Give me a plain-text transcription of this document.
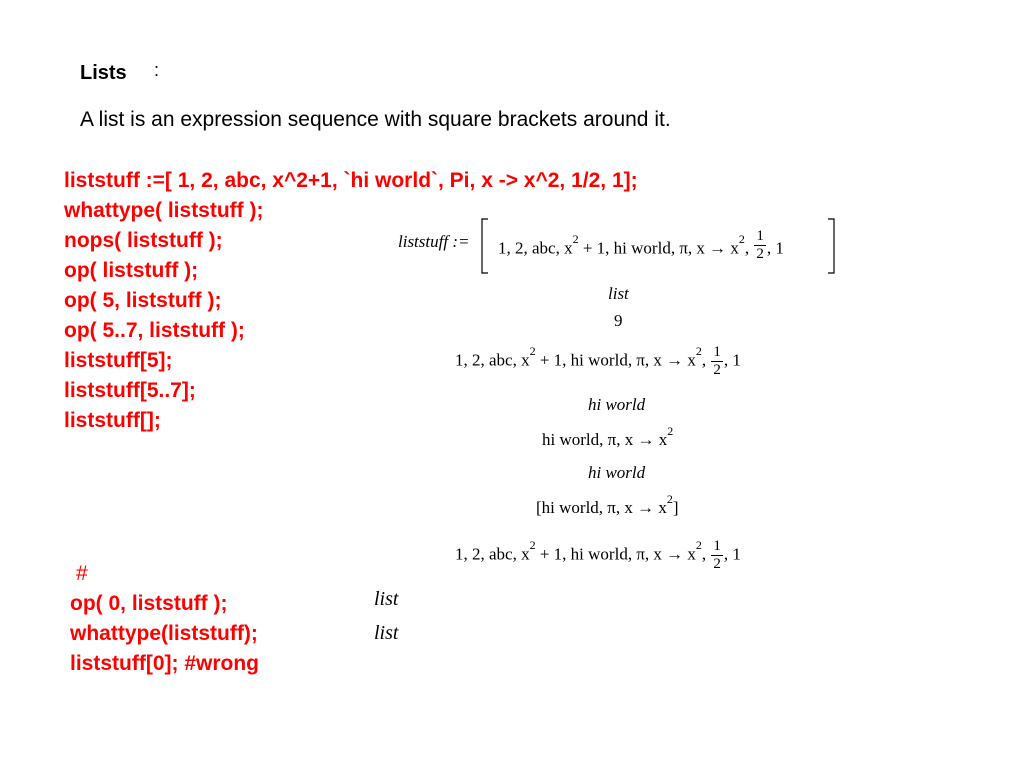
Lists :
A list is an expression sequence with square brackets around it.
liststuff :=[ 1, 2, abc, x^2+1, `hi world`, Pi, x -> x^2, 1/2, 1];
whattype( liststuff );
nops( liststuff );
op( liststuff );
op( 5, liststuff );
op( 5..7, liststuff );
liststuff[5];
liststuff[5..7];
liststuff[];
liststuff := 1, 2, abc, $x^2 + 1$, hi world, π, $x \to x^2$, $\frac{1}{2}$ , 1
list
9
1, 2, abc, $x^2 + 1$, hi world, π, $x \to x^2$, $\frac{1}{2}$ , 1
hi world
hi world, π, $x \to x^2$
hi world
[hi world, π, $x \to x^2$]
1, 2, abc, $x^2 + 1$, hi world, π, $x \to x^2$, $\frac{1}{2}$ , 1
#
op( 0, liststuff );
whattype(liststuff);
liststuff[0]; #wrong
list
list
